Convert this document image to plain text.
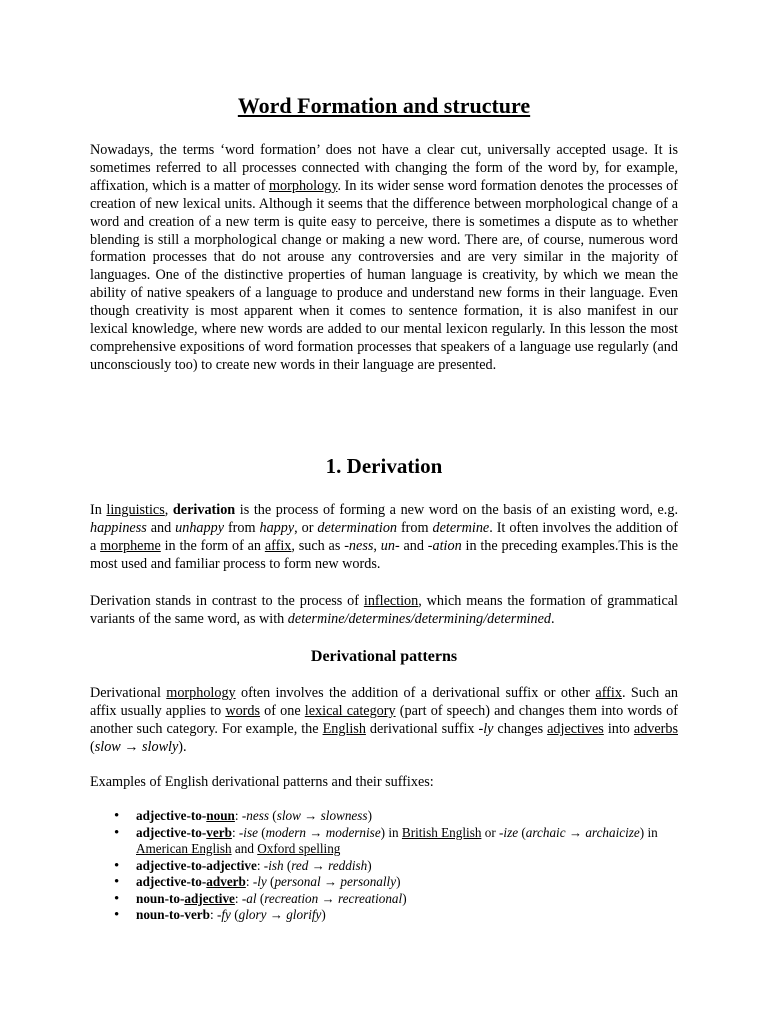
Word Formation and structure

Nowadays, the terms ‘word formation’ does not have a clear cut, universally accepted usage. It is sometimes referred to all processes connected with changing the form of the word by, for example, affixation, which is a matter of morphology. In its wider sense word formation denotes the processes of creation of new lexical units. Although it seems that the difference between morphological change of a word and creation of a new term is quite easy to perceive, there is sometimes a dispute as to whether blending is still a morphological change or making a new word. There are, of course, numerous word formation processes that do not arouse any controversies and are very similar in the majority of languages. One of the distinctive properties of human language is creativity, by which we mean the ability of native speakers of a language to produce and understand new forms in their language. Even though creativity is most apparent when it comes to sentence formation, it is also manifest in our lexical knowledge, where new words are added to our mental lexicon regularly. In this lesson the most comprehensive expositions of word formation processes that speakers of a language use regularly (and unconsciously too) to create new words in their language are presented.

1. Derivation

In linguistics, derivation is the process of forming a new word on the basis of an existing word, e.g. happiness and unhappy from happy, or determination from determine. It often involves the addition of a morpheme in the form of an affix, such as -ness, un- and -ation in the preceding examples.This is the most used and familiar process to form new words.

Derivation stands in contrast to the process of inflection, which means the formation of grammatical variants of the same word, as with determine/determines/determining/determined.

Derivational patterns

Derivational morphology often involves the addition of a derivational suffix or other affix. Such an affix usually applies to words of one lexical category (part of speech) and changes them into words of another such category. For example, the English derivational suffix -ly changes adjectives into adverbs (slow → slowly).

Examples of English derivational patterns and their suffixes:

• adjective-to-noun: -ness (slow → slowness)
• adjective-to-verb: -ise (modern → modernise) in British English or -ize (archaic → archaicize) in American English and Oxford spelling
• adjective-to-adjective: -ish (red → reddish)
• adjective-to-adverb: -ly (personal → personally)
• noun-to-adjective: -al (recreation → recreational)
• noun-to-verb: -fy (glory → glorify)
